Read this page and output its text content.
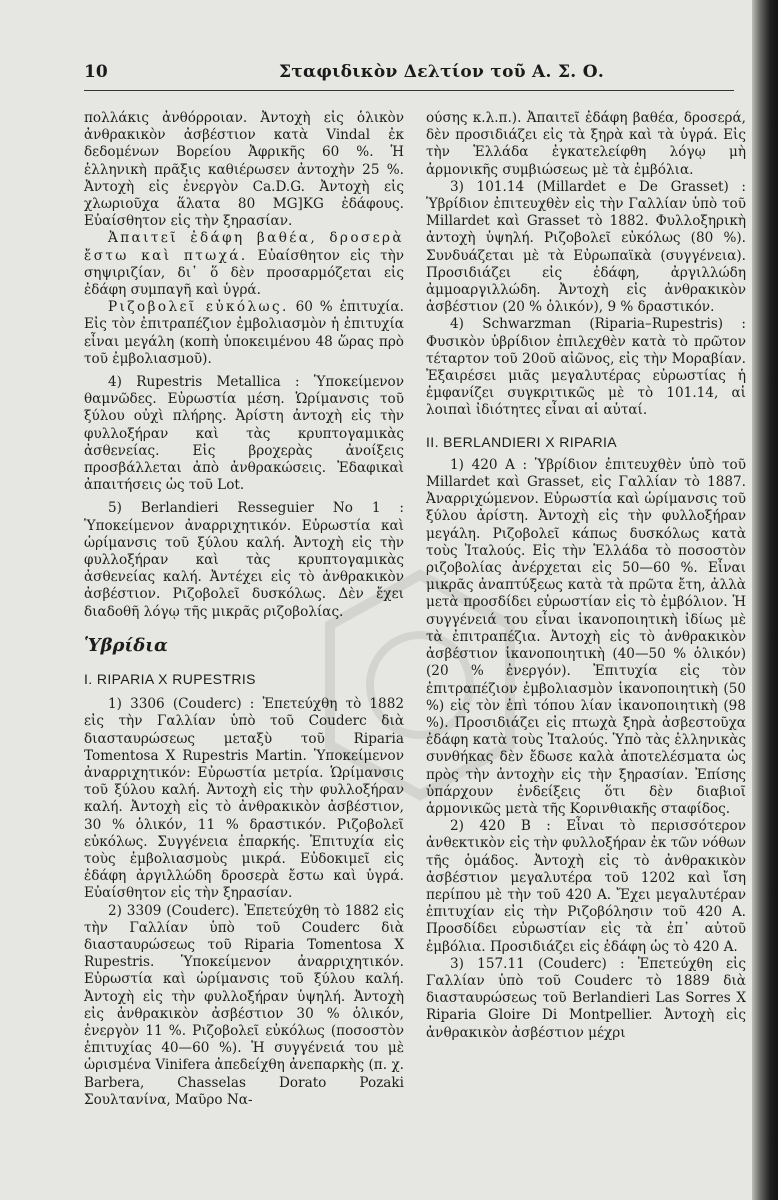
10	Σταφιδικὸν Δελτίον τοῦ Α. Σ. Ο.

πολλάκις ἀνθόρροιαν. Ἀντοχὴ εἰς ὁλικὸν ἀνθρακικὸν ἀσβέστιον κατὰ Vindal ἐκ δεδομένων Βορείου Ἀφρικῆς 60 %. Ἡ ἑλληνικὴ πρᾶξις καθιέρωσεν ἀντοχὴν 25 %. Ἀντοχὴ εἰς ἐνεργὸν Ca.D.G. Ἀντοχὴ εἰς χλωριοῦχα ἅλατα 80 MG]KG ἐδάφους. Εὐαίσθητον εἰς τὴν ξηρασίαν.

Ἀπαιτεῖ ἐδάφη βαθέα, δροσερὰ ἔστω καὶ πτωχά. Εὐαίσθητον εἰς τὴν σηψιριζίαν, δι᾽ ὅ δὲν προσαρμόζεται εἰς ἐδάφη συμπαγῆ καὶ ὑγρά.

Ριζοβολεῖ εὐκόλως. 60 % ἐπιτυχία. Εἰς τὸν ἐπιτραπέζιον ἐμβολιασμὸν ἡ ἐπιτυχία εἶναι μεγάλη (κοπὴ ὑποκειμένου 48 ὥρας πρὸ τοῦ ἐμβολιασμοῦ).

4) Rupestris Metallica : Ὑποκείμενον θαμνῶδες. Εὐρωστία μέση. Ὡρίμανσις τοῦ ξύλου οὐχὶ πλήρης. Ἀρίστη ἀντοχὴ εἰς τὴν φυλλοξήραν καὶ τὰς κρυπτογαμικὰς ἀσθενείας. Εἰς βροχερὰς ἀνοίξεις προσβάλλεται ἀπὸ ἀνθρακώσεις. Ἐδαφικαὶ ἀπαιτήσεις ὡς τοῦ Lot.

5) Berlandieri Resseguier No 1 : Ὑποκείμενον ἀναρριχητικόν. Εὐρωστία καὶ ὡρίμανσις τοῦ ξύλου καλή. Ἀντοχὴ εἰς τὴν φυλλοξήραν καὶ τὰς κρυπτογαμικὰς ἀσθενείας καλή. Ἀντέχει εἰς τὸ ἀνθρακικὸν ἀσβέστιον. Ριζοβολεῖ δυσκόλως. Δὲν ἔχει διαδοθῆ λόγῳ τῆς μικρᾶς ριζοβολίας.

Ὑβρίδια
I. RIPARIA X RUPESTRIS

1) 3306 (Couderc) : Ἐπετεύχθη τὸ 1882 εἰς τὴν Γαλλίαν ὑπὸ τοῦ Couderc διὰ διασταυρώσεως μεταξὺ τοῦ Riparia Tomentosa X Rupestris Martin. Ὑποκείμενον ἀναρριχητικόν: Εὐρωστία μετρία. Ὡρίμανσις τοῦ ξύλου καλή. Ἀντοχὴ εἰς τὴν φυλλοξήραν καλή. Ἀντοχὴ εἰς τὸ ἀνθρακικὸν ἀσβέστιον, 30 % ὁλικόν, 11 % δραστικόν. Ριζοβολεῖ εὐκόλως. Συγγένεια ἐπαρκής. Ἐπιτυχία εἰς τοὺς ἐμβολιασμοὺς μικρά. Εὐδοκιμεῖ εἰς ἐδάφη ἀργιλλώδη δροσερὰ ἔστω καὶ ὑγρά. Εὐαίσθητον εἰς τὴν ξηρασίαν.

2) 3309 (Couderc). Ἐπετεύχθη τὸ 1882 εἰς τὴν Γαλλίαν ὑπὸ τοῦ Couderc διὰ διασταυρώσεως τοῦ Riparia Tomentosa X Rupestris. Ὑποκείμενον ἀναρριχητικόν. Εὐρωστία καὶ ὡρίμανσις τοῦ ξύλου καλή. Ἀντοχὴ εἰς τὴν φυλλοξήραν ὑψηλή. Ἀντοχὴ εἰς ἀνθρακικὸν ἀσβέστιον 30 % ὁλικόν, ἐνεργὸν 11 %. Ριζοβολεῖ εὐκόλως (ποσοστὸν ἐπιτυχίας 40—60 %). Ἡ συγγένειά του μὲ ὡρισμένα Vinifera ἀπεδείχθη ἀνεπαρκὴς (π. χ. Barbera, Chasselas Dorato Pozaki Σουλτανίνα, Μαῦρο Να-

ούσης κ.λ.π.). Ἀπαιτεῖ ἐδάφη βαθέα, δροσερά, δὲν προσιδιάζει εἰς τὰ ξηρὰ καὶ τὰ ὑγρά. Εἰς τὴν Ἑλλάδα ἐγκατελείφθη λόγῳ μὴ ἁρμονικῆς συμβιώσεως μὲ τὰ ἐμβόλια.

3) 101.14 (Millardet e De Grasset) : Ὑβρίδιον ἐπιτευχθὲν εἰς τὴν Γαλλίαν ὑπὸ τοῦ Millardet καὶ Grasset τὸ 1882. Φυλλοξηρικὴ ἀντοχὴ ὑψηλή. Ριζοβολεῖ εὐκόλως (80 %). Συνδυάζεται μὲ τὰ Εὐρωπαϊκὰ (συγγένεια). Προσιδιάζει εἰς ἐδάφη, ἀργιλλώδη ἀμμοαργιλλώδη. Ἀντοχὴ εἰς ἀνθρακικὸν ἀσβέστιον (20 % ὁλικόν), 9 % δραστικόν.

4) Schwarzman (Riparia–Rupestris) : Φυσικὸν ὑβρίδιον ἐπιλεχθὲν κατὰ τὸ πρῶτον τέταρτον τοῦ 20οῦ αἰῶνος, εἰς τὴν Μοραβίαν. Ἐξαιρέσει μιᾶς μεγαλυτέρας εὐρωστίας ἡ ἐμφανίζει συγκριτικῶς μὲ τὸ 101.14, αἱ λοιπαὶ ἰδιότητες εἶναι αἱ αὐταί.

II. BERLANDIERI X RIPARIA

1) 420 A : Ὑβρίδιον ἐπιτευχθὲν ὑπὸ τοῦ Millardet καὶ Grasset, εἰς Γαλλίαν τὸ 1887. Ἀναρριχώμενον. Εὐρωστία καὶ ὡρίμανσις τοῦ ξύλου ἀρίστη. Ἀντοχὴ εἰς τὴν φυλλοξήραν μεγάλη. Ριζοβολεῖ κάπως δυσκόλως κατὰ τοὺς Ἰταλούς. Εἰς τὴν Ἑλλάδα τὸ ποσοστὸν ριζοβολίας ἀνέρχεται εἰς 50—60 %. Εἶναι μικρᾶς ἀναπτύξεως κατὰ τὰ πρῶτα ἔτη, ἀλλὰ μετὰ προσδίδει εὐρωστίαν εἰς τὸ ἐμβόλιον. Ἡ συγγένειά του εἶναι ἱκανοποιητικὴ ἰδίως μὲ τὰ ἐπιτραπέζια. Ἀντοχὴ εἰς τὸ ἀνθρακικὸν ἀσβέστιον ἱκανοποιητικὴ (40—50 % ὁλικόν) (20 % ἐνεργόν). Ἐπιτυχία εἰς τὸν ἐπιτραπέζιον ἐμβολιασμὸν ἱκανοποιητικὴ (50 %) εἰς τὸν ἐπὶ τόπου λίαν ἱκανοποιητικὴ (98 %). Προσιδιάζει εἰς πτωχὰ ξηρὰ ἀσβεστοῦχα ἐδάφη κατὰ τοὺς Ἰταλούς. Ὑπὸ τὰς ἑλληνικὰς συνθήκας δὲν ἔδωσε καλὰ ἀποτελέσματα ὡς πρὸς τὴν ἀντοχὴν εἰς τὴν ξηρασίαν. Ἐπίσης ὑπάρχουν ἐνδείξεις ὅτι δὲν διαβιοῖ ἁρμονικῶς μετὰ τῆς Κορινθιακῆς σταφίδος.

2) 420 B : Εἶναι τὸ περισσότερον ἀνθεκτικὸν εἰς τὴν φυλλοξήραν ἐκ τῶν νόθων τῆς ὁμάδος. Ἀντοχὴ εἰς τὸ ἀνθρακικὸν ἀσβέστιον μεγαλυτέρα τοῦ 1202 καὶ ἴση περίπου μὲ τὴν τοῦ 420 A. Ἔχει μεγαλυτέραν ἐπιτυχίαν εἰς τὴν Ριζοβόλησιν τοῦ 420 A. Προσδίδει εὐρωστίαν εἰς τὰ ἐπ᾽ αὐτοῦ ἐμβόλια. Προσιδιάζει εἰς ἐδάφη ὡς τὸ 420 A.

3) 157.11 (Couderc) : Ἐπετεύχθη εἰς Γαλλίαν ὑπὸ τοῦ Couderc τὸ 1889 διὰ διασταυρώσεως τοῦ Berlandieri Las Sorres X Riparia Gloire Di Montpellier. Ἀντοχὴ εἰς ἀνθρακικὸν ἀσβέστιον μέχρι
